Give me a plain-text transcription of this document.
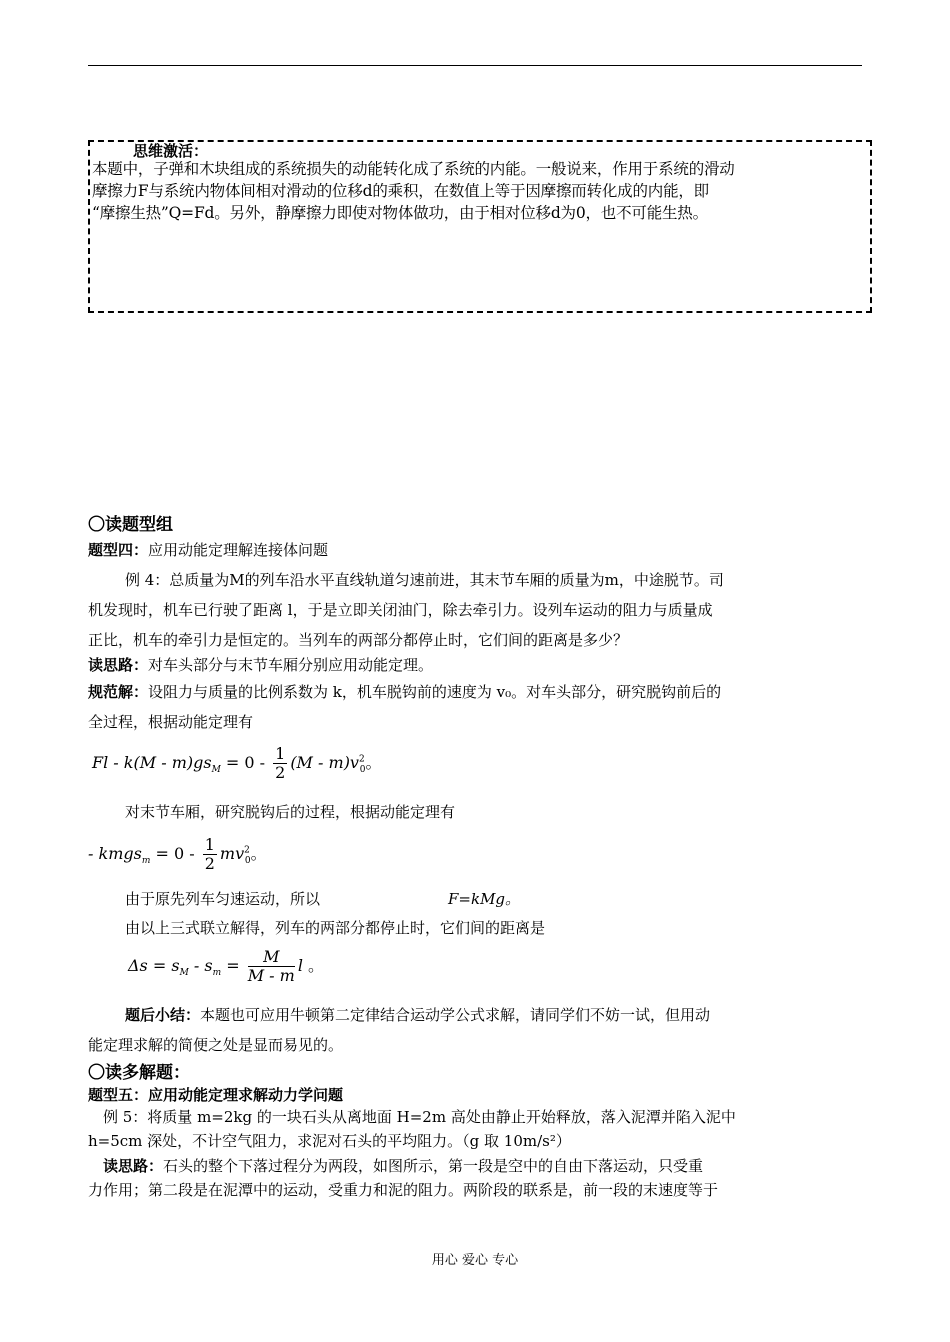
思维激活：
本题中，子弹和木块组成的系统损失的动能转化成了系统的内能。一般说来，作用于系统的滑动
摩擦力F与系统内物体间相对滑动的位移d的乘积，在数值上等于因摩擦而转化成的内能，即
“摩擦生热”Q=Fd。另外，静摩擦力即使对物体做功，由于相对位移d为0，也不可能生热。
〇读题型组
题型四：应用动能定理解连接体问题
例 4：总质量为M的列车沿水平直线轨道匀速前进，其末节车厢的质量为m，中途脱节。司
机发现时，机车已行驶了距离 l，于是立即关闭油门，除去牵引力。设列车运动的阻力与质量成
正比，机车的牵引力是恒定的。当列车的两部分都停止时，它们间的距离是多少？
读思路：对车头部分与末节车厢分别应用动能定理。
规范解：设阻力与质量的比例系数为 k，机车脱钩前的速度为 v₀。对车头部分，研究脱钩前后的
全过程，根据动能定理有
$Fl - k(M - m)gs_M = 0 - \frac{1}{2} (M - m)v^2_0$。
对末节车厢，研究脱钩后的过程，根据动能定理有
- kmgs$_m$ = $0 - \frac{1}{2} mv^2_0$。
由于原先列车匀速运动，所以	F=kMg。
由以上三式联立解得，列车的两部分都停止时，它们间的距离是
$\Delta s = s_M - s_m = \frac{M}{M - m}$ l 。
题后小结：本题也可应用牛顿第二定律结合运动学公式求解，请同学们不妨一试，但用动
能定理求解的简便之处是显而易见的。
〇读多解题：
题型五：应用动能定理求解动力学问题
例 5：将质量 m=2kg 的一块石头从离地面 H=2m 高处由静止开始释放，落入泥潭并陷入泥中
h=5cm 深处，不计空气阻力，求泥对石头的平均阻力。（g 取 10m/s²）
读思路：石头的整个下落过程分为两段，如图所示，第一段是空中的自由下落运动，只受重
力作用；第二段是在泥潭中的运动，受重力和泥的阻力。两阶段的联系是，前一段的末速度等于
用心 爱心 专心
